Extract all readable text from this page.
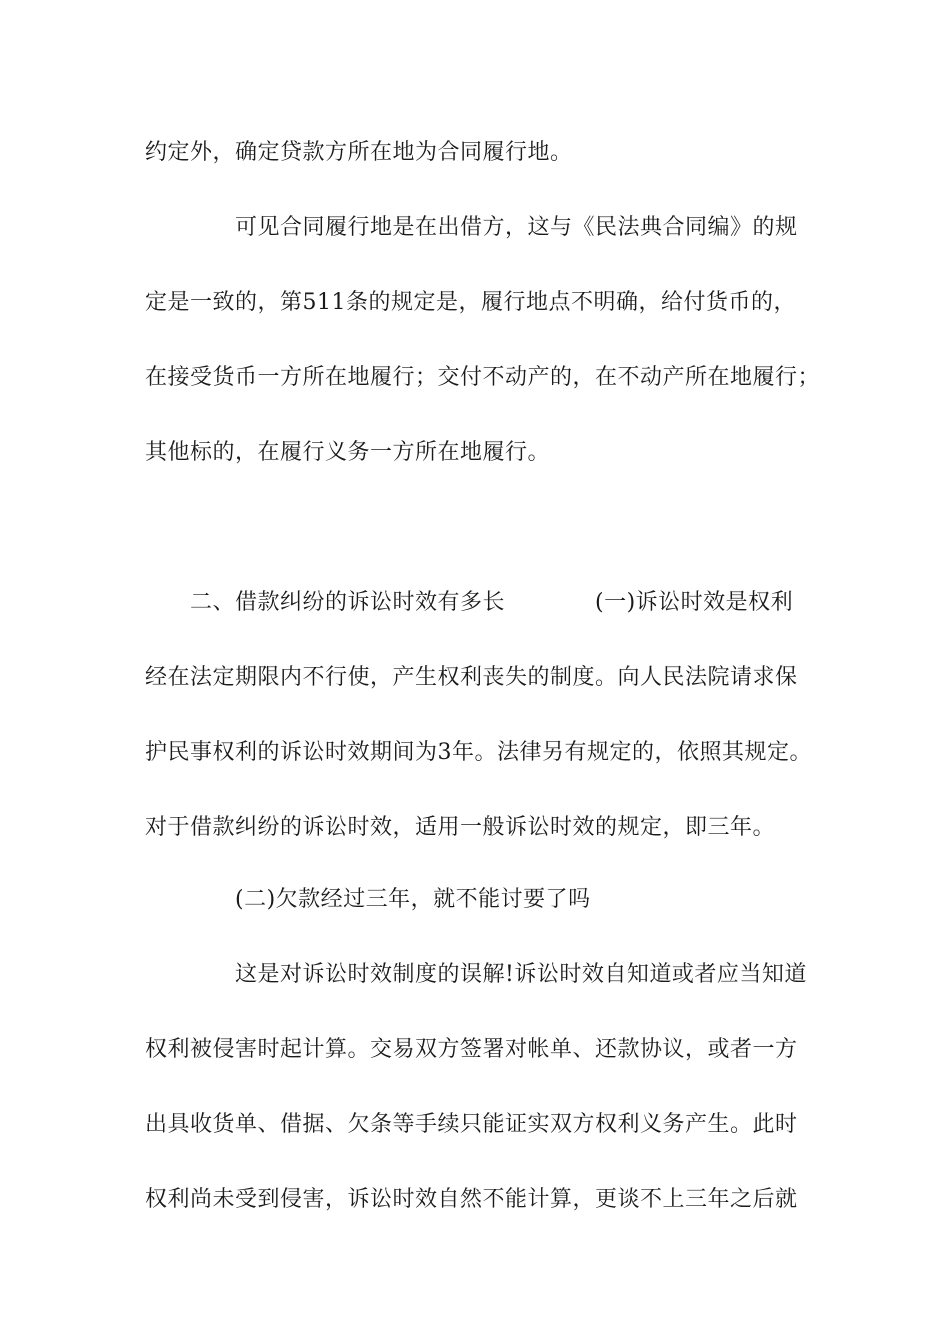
约定外，确定贷款方所在地为合同履行地。
可见合同履行地是在出借方，这与《民法典合同编》的规
定是一致的，第511条的规定是，履行地点不明确，给付货币的，
在接受货币一方所在地履行；交付不动产的，在不动产所在地履行；
其他标的，在履行义务一方所在地履行。
二、借款纠纷的诉讼时效有多长	(一)诉讼时效是权利
经在法定期限内不行使，产生权利丧失的制度。向人民法院请求保
护民事权利的诉讼时效期间为3年。法律另有规定的，依照其规定。
对于借款纠纷的诉讼时效，适用一般诉讼时效的规定，即三年。
(二)欠款经过三年，就不能讨要了吗
这是对诉讼时效制度的误解!诉讼时效自知道或者应当知道
权利被侵害时起计算。交易双方签署对帐单、还款协议，或者一方
出具收货单、借据、欠条等手续只能证实双方权利义务产生。此时
权利尚未受到侵害，诉讼时效自然不能计算，更谈不上三年之后就
